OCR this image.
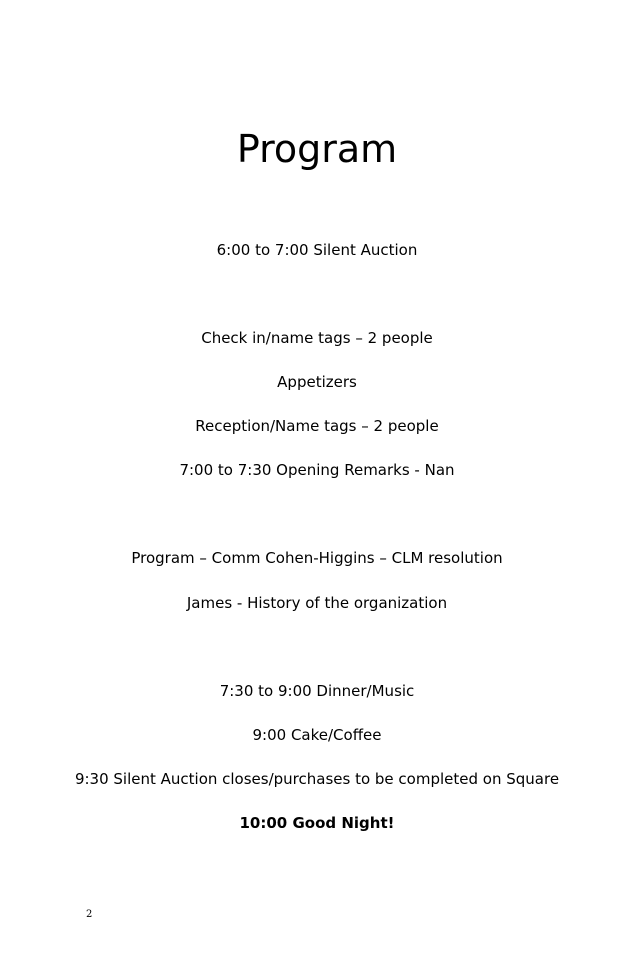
Program

6:00 to 7:00 Silent Auction

Check in/name tags – 2 people

Appetizers

Reception/Name tags – 2 people

7:00 to 7:30 Opening Remarks - Nan

Program – Comm Cohen-Higgins – CLM resolution

James - History of the organization

7:30 to 9:00 Dinner/Music

9:00 Cake/Coffee

9:30 Silent Auction closes/purchases to be completed on Square

10:00 Good Night!

2
